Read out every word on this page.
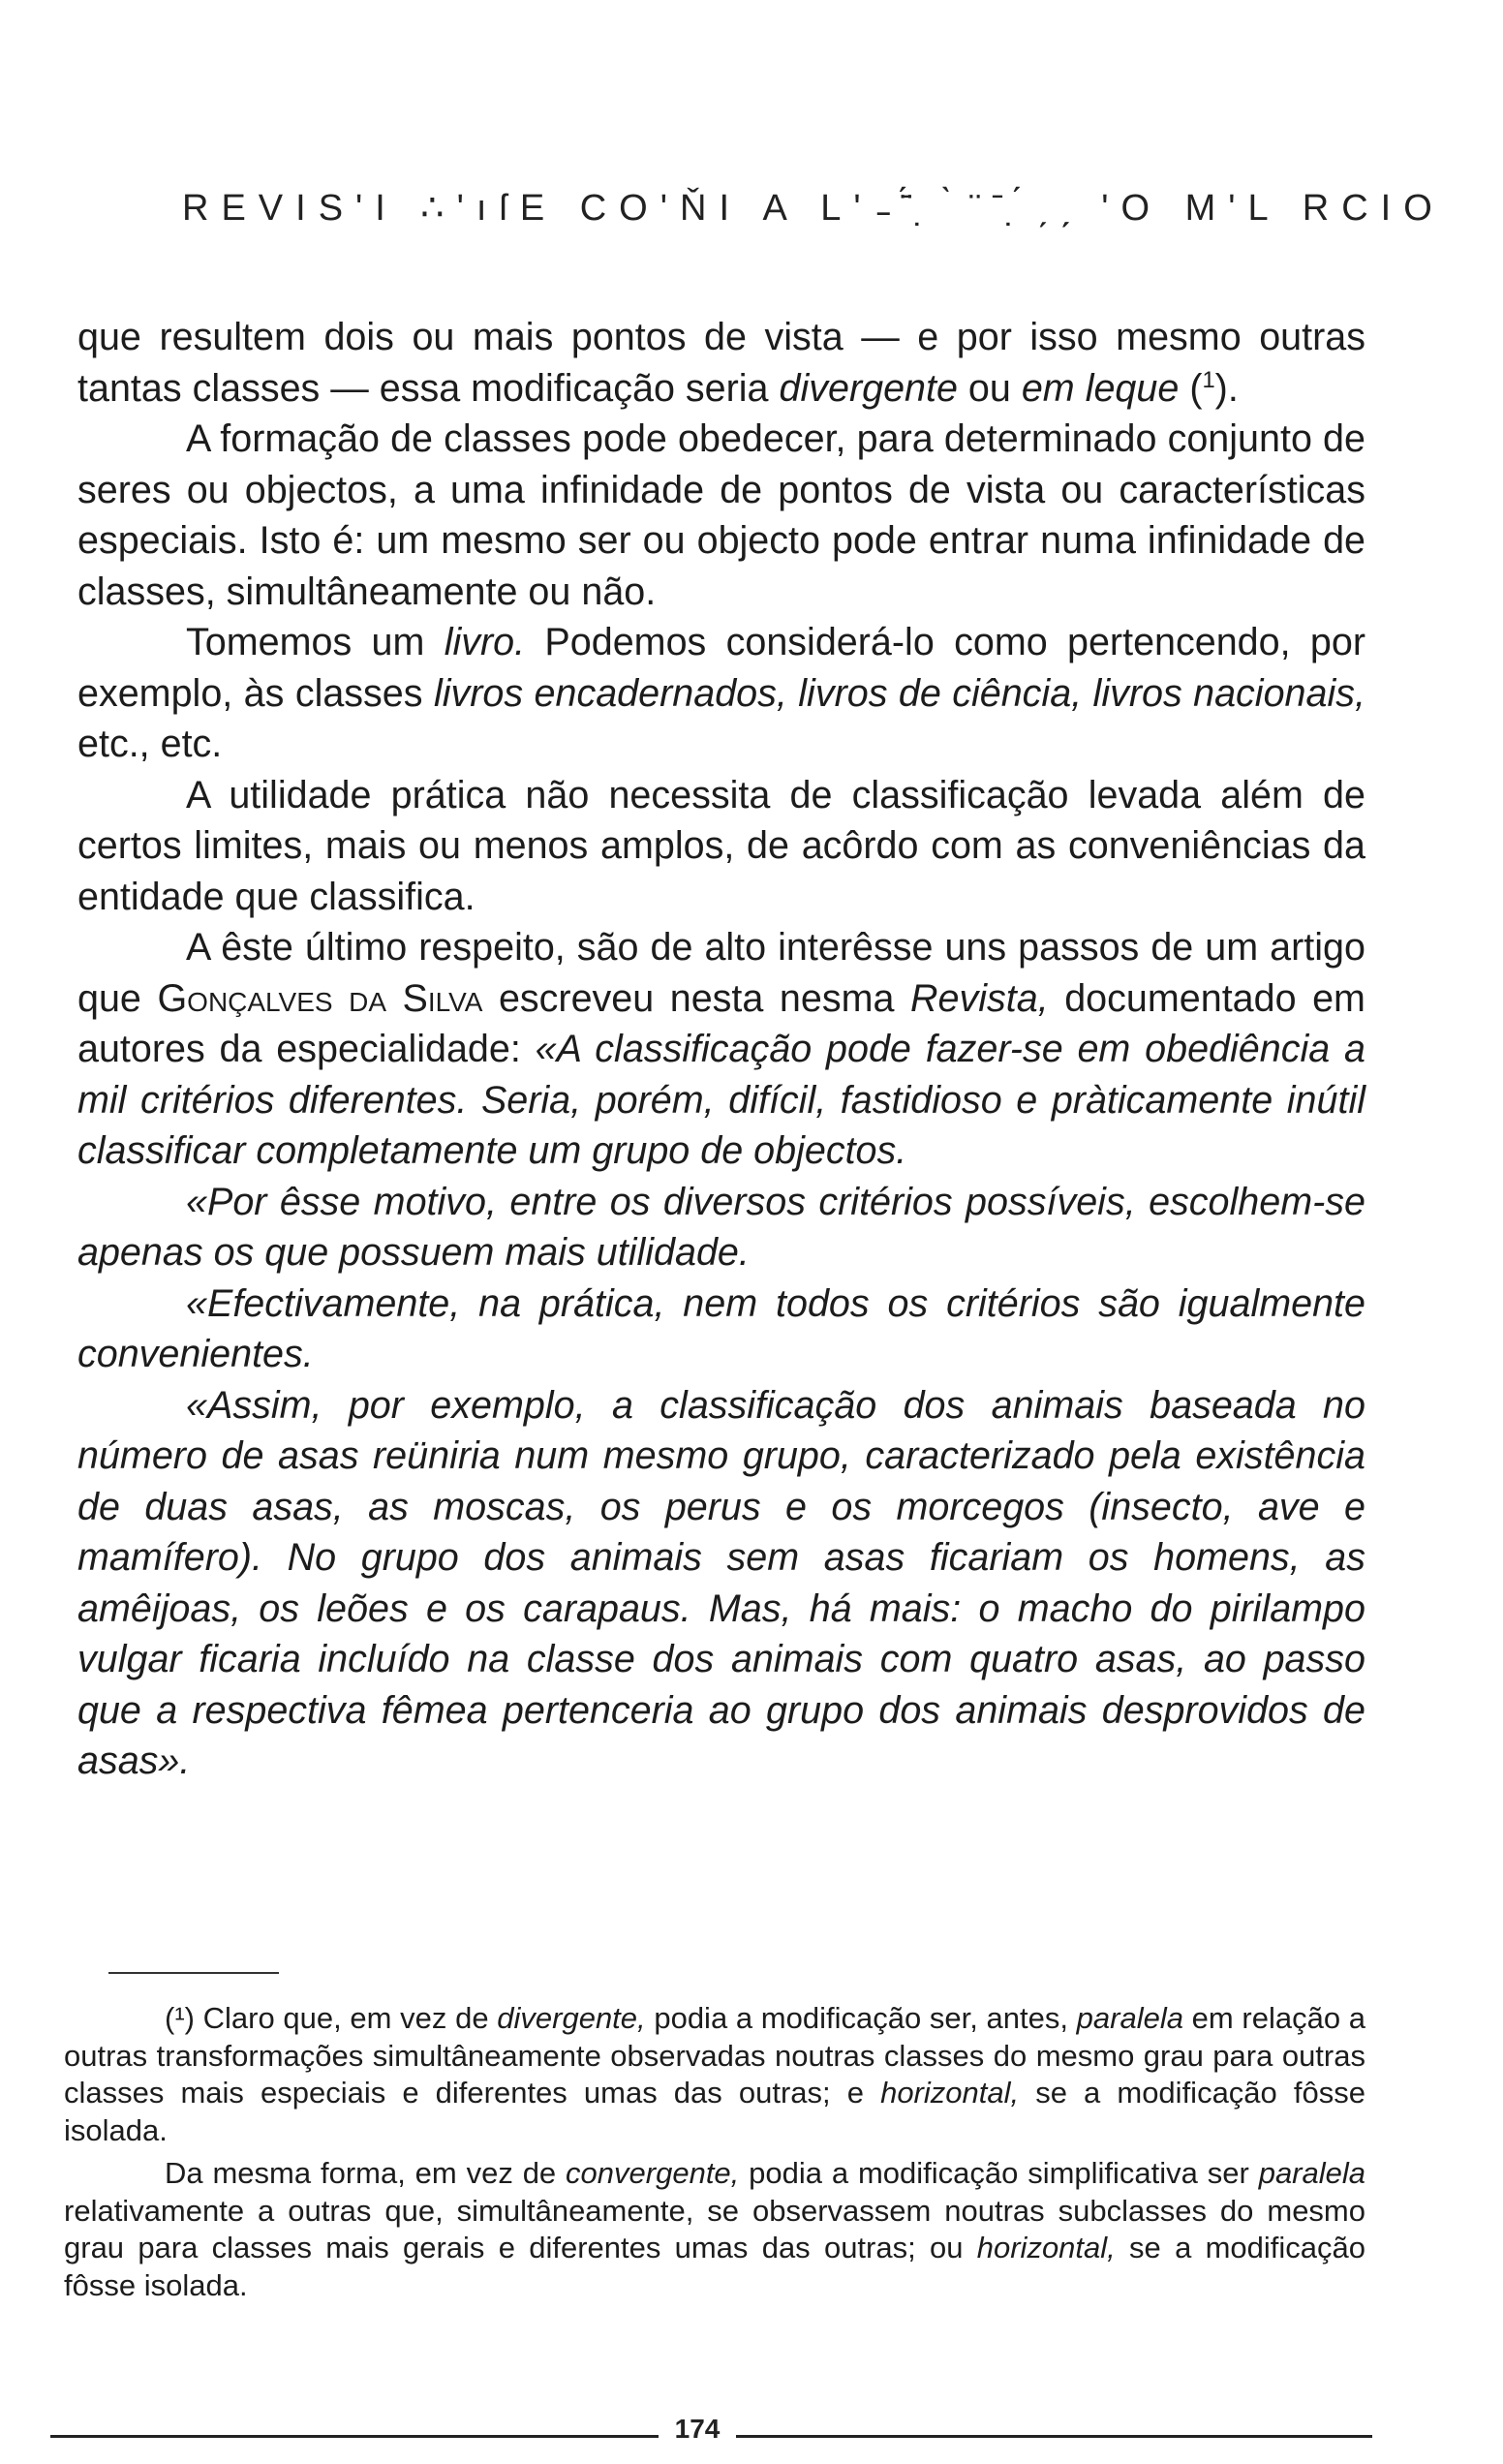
REVIS'I ∴'ıſE CO'ŇI A L' ̵ ̈́̄ ̣ ̀ ̈ ̄ ̣́ ̗ ̗̗ 'O M'L RCIO

que resultem dois ou mais pontos de vista — e por isso mesmo outras tantas classes — essa modificação seria divergente ou em leque ($^1$).

A formação de classes pode obedecer, para determinado conjunto de seres ou objectos, a uma infinidade de pontos de vista ou características especiais. Isto é: um mesmo ser ou objecto pode entrar numa infinidade de classes, simultâneamente ou não.

Tomemos um livro. Podemos considerá-lo como pertencendo, por exemplo, às classes livros encadernados, livros de ciência, livros nacionais, etc., etc.

A utilidade prática não necessita de classificação levada além de certos limites, mais ou menos amplos, de acôrdo com as conveniências da entidade que classifica.

A êste último respeito, são de alto interêsse uns passos de um artigo que Gonçalves da Silva escreveu nesta nesma Revista, documentado em autores da especialidade: «A classificação pode fazer-se em obediência a mil critérios diferentes. Seria, porém, difícil, fastidioso e pràticamente inútil classificar completamente um grupo de objectos.

«Por êsse motivo, entre os diversos critérios possíveis, escolhem-se apenas os que possuem mais utilidade.

«Efectivamente, na prática, nem todos os critérios são igualmente convenientes.

«Assim, por exemplo, a classificação dos animais baseada no número de asas reüniria num mesmo grupo, caracterizado pela existência de duas asas, as moscas, os perus e os morcegos (insecto, ave e mamífero). No grupo dos animais sem asas ficariam os homens, as amêijoas, os leões e os carapaus. Mas, há mais: o macho do pirilampo vulgar ficaria incluído na classe dos animais com quatro asas, ao passo que a respectiva fêmea pertenceria ao grupo dos animais desprovidos de asas».

(¹) Claro que, em vez de divergente, podia a modificação ser, antes, paralela em relação a outras transformações simultâneamente observadas noutras classes do mesmo grau para outras classes mais especiais e diferentes umas das outras; e horizontal, se a modificação fôsse isolada.

Da mesma forma, em vez de convergente, podia a modificação simplificativa ser paralela relativamente a outras que, simultâneamente, se observassem noutras subclasses do mesmo grau para classes mais gerais e diferentes umas das outras; ou horizontal, se a modificação fôsse isolada.

174
